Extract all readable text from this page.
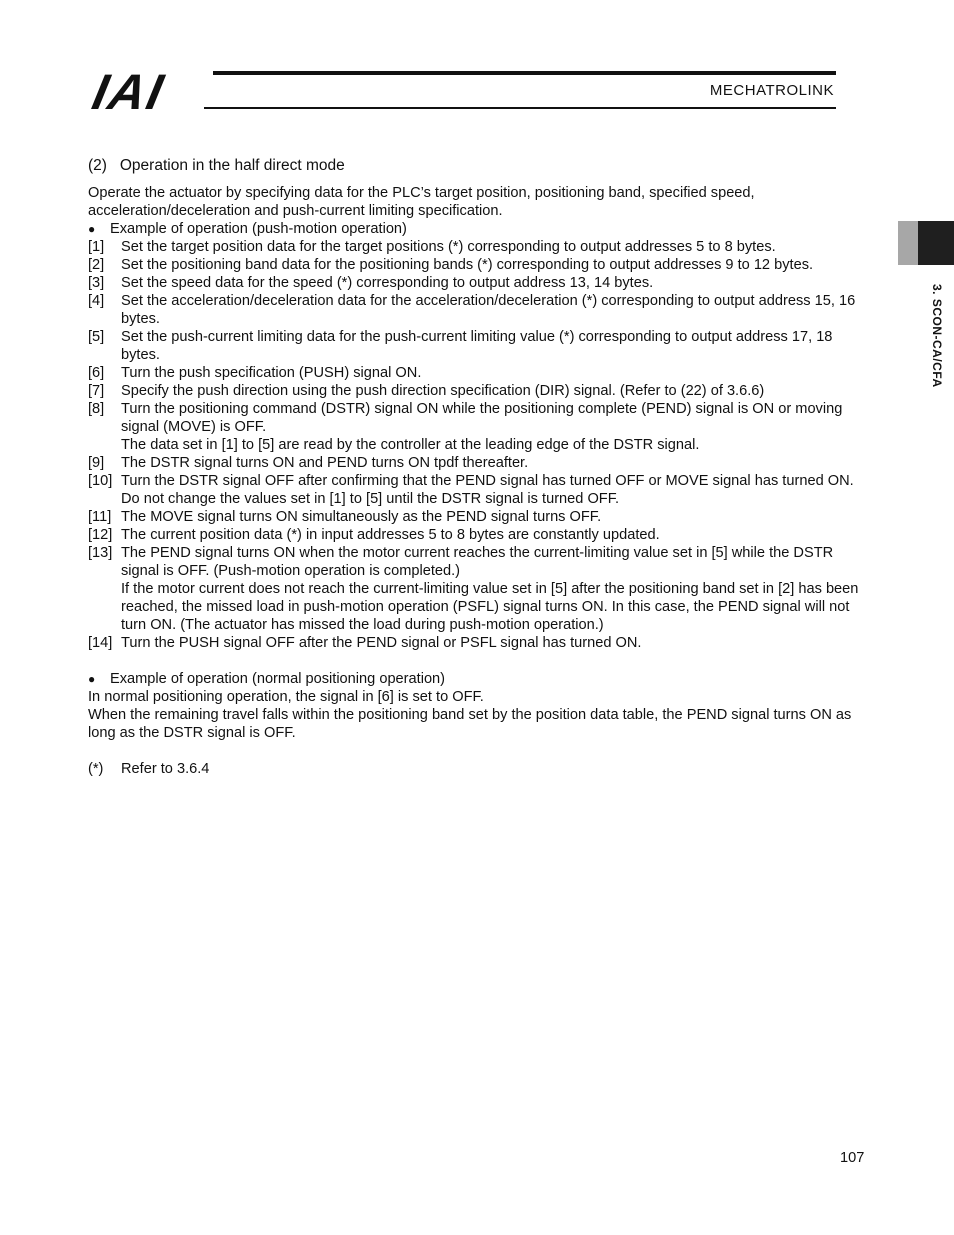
IAI	MECHATROLINK
3. SCON-CA/CFA

(2) Operation in the half direct mode

Operate the actuator by specifying data for the PLC’s target position, positioning band, specified speed, acceleration/deceleration and push-current limiting specification.

●	Example of operation (push-motion operation)
[1]	Set the target position data for the target positions (*) corresponding to output addresses 5 to 8 bytes.
[2]	Set the positioning band data for the positioning bands (*) corresponding to output addresses 9 to 12 bytes.
[3]	Set the speed data for the speed (*) corresponding to output address 13, 14 bytes.
[4]	Set the acceleration/deceleration data for the acceleration/deceleration (*) corresponding to output address 15, 16 bytes.
[5]	Set the push-current limiting data for the push-current limiting value (*) corresponding to output address 17, 18 bytes.
[6]	Turn the push specification (PUSH) signal ON.
[7]	Specify the push direction using the push direction specification (DIR) signal. (Refer to (22) of 3.6.6)
[8]	Turn the positioning command (DSTR) signal ON while the positioning complete (PEND) signal is ON or moving signal (MOVE) is OFF.
The data set in [1] to [5] are read by the controller at the leading edge of the DSTR signal.
[9]	The DSTR signal turns ON and PEND turns ON tpdf thereafter.
[10] Turn the DSTR signal OFF after confirming that the PEND signal has turned OFF or MOVE signal has turned ON. Do not change the values set in [1] to [5] until the DSTR signal is turned OFF.
[11] The MOVE signal turns ON simultaneously as the PEND signal turns OFF.
[12] The current position data (*) in input addresses 5 to 8 bytes are constantly updated.
[13] The PEND signal turns ON when the motor current reaches the current-limiting value set in [5] while the DSTR signal is OFF. (Push-motion operation is completed.)
If the motor current does not reach the current-limiting value set in [5] after the positioning band set in [2] has been reached, the missed load in push-motion operation (PSFL) signal turns ON. In this case, the PEND signal will not turn ON. (The actuator has missed the load during push-motion operation.)
[14] Turn the PUSH signal OFF after the PEND signal or PSFL signal has turned ON.
●	Example of operation (normal positioning operation)

In normal positioning operation, the signal in [6] is set to OFF.

When the remaining travel falls within the positioning band set by the position data table, the PEND signal turns ON as long as the DSTR signal is OFF.

(*)	Refer to 3.6.4
107
